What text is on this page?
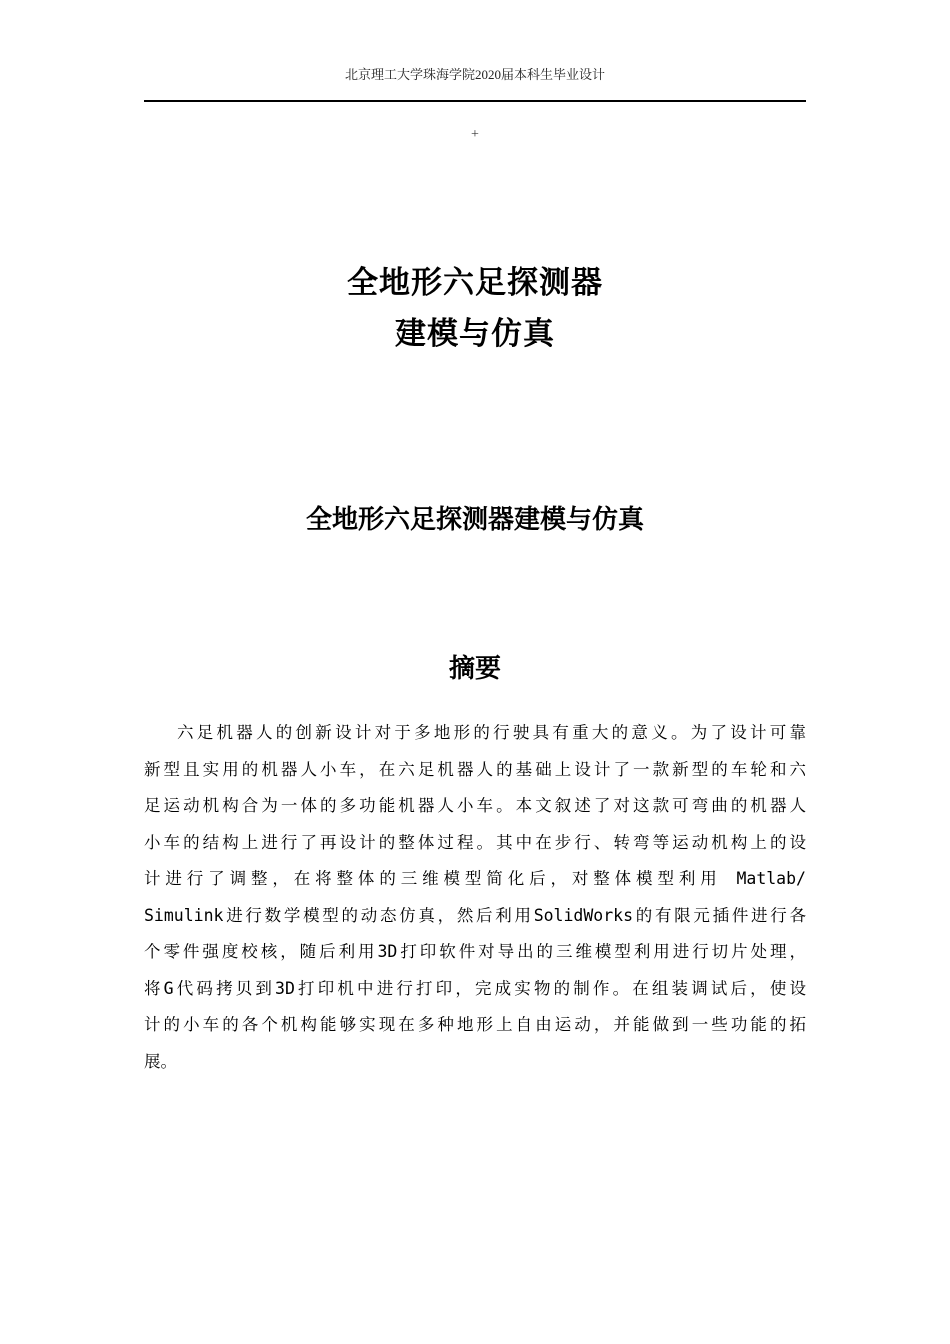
北京理工大学珠海学院2020届本科生毕业设计
+
全地形六足探测器
建模与仿真
全地形六足探测器建模与仿真
摘要
六足机器人的创新设计对于多地形的行驶具有重大的意义。为了设计可靠
新型且实用的机器人小车，在六足机器人的基础上设计了一款新型的车轮和六
足运动机构合为一体的多功能机器人小车。本文叙述了对这款可弯曲的机器人
小车的结构上进行了再设计的整体过程。其中在步行、转弯等运动机构上的设
计进行了调整，在将整体的三维模型简化后，对整体模型利用 Matlab/
Simulink进行数学模型的动态仿真，然后利用SolidWorks的有限元插件进行各
个零件强度校核，随后利用3D打印软件对导出的三维模型利用进行切片处理，
将G代码拷贝到3D打印机中进行打印，完成实物的制作。在组装调试后，使设
计的小车的各个机构能够实现在多种地形上自由运动，并能做到一些功能的拓
展。
